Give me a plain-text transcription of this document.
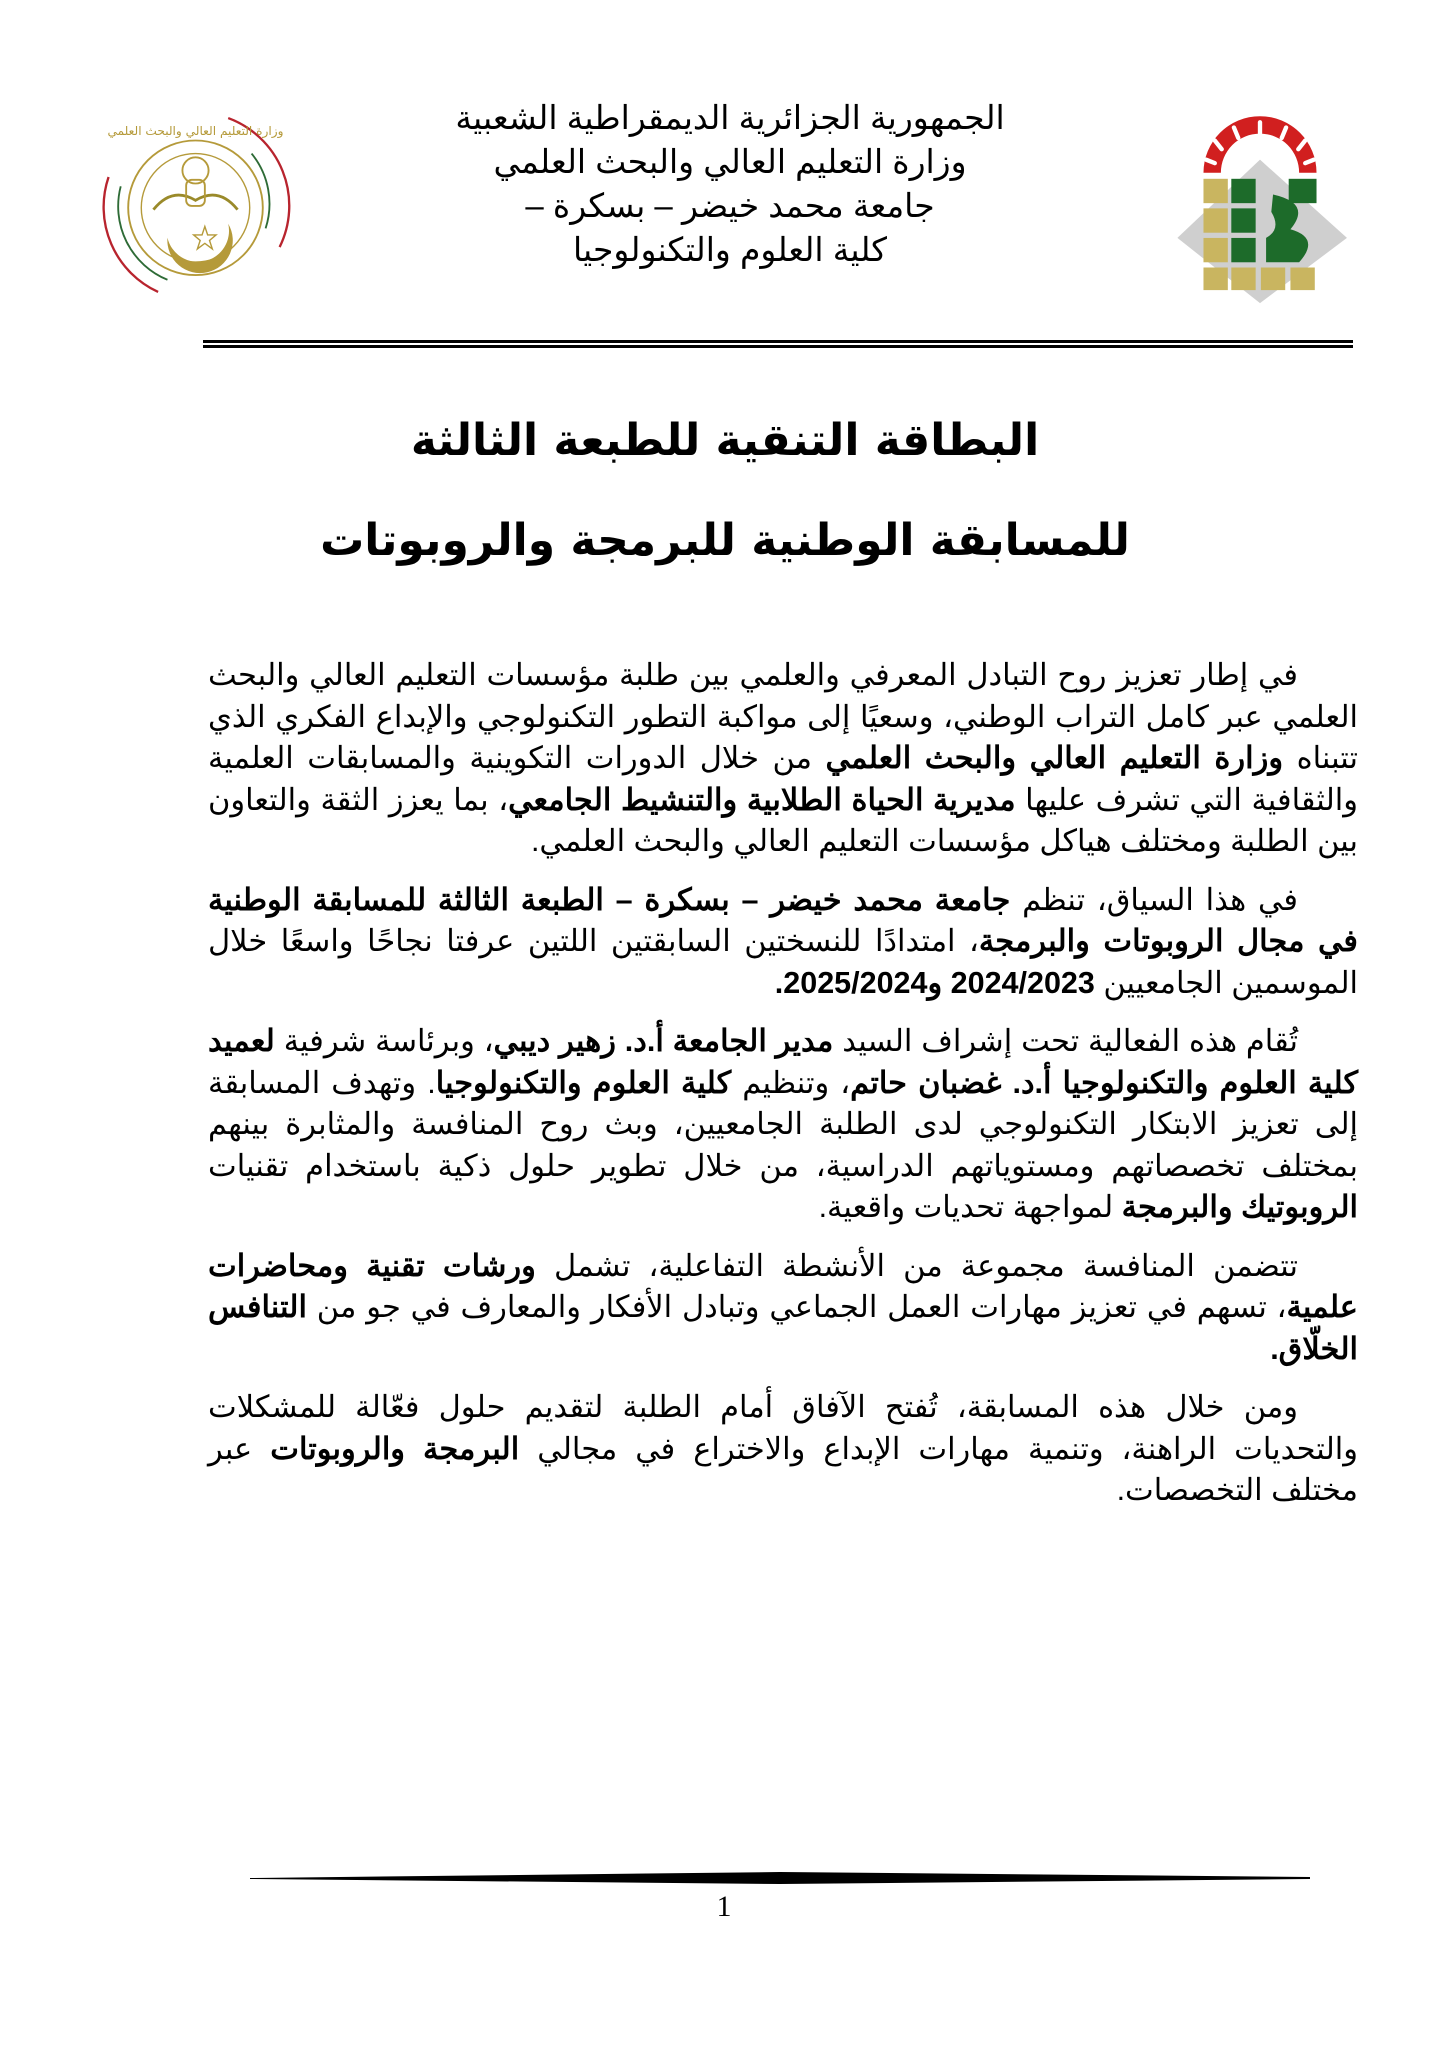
وزارة التعليم العالي والبحث العلمي	الجمهورية الجزائرية الديمقراطية الشعبية
وزارة التعليم العالي والبحث العلمي
جامعة محمد خيضر – بسكرة –
كلية العلوم والتكنولوجيا
البطاقة التنقية للطبعة الثالثة
للمسابقة الوطنية للبرمجة والروبوتات

في إطار تعزيز روح التبادل المعرفي والعلمي بين طلبة مؤسسات التعليم العالي والبحث العلمي عبر كامل التراب الوطني، وسعيًا إلى مواكبة التطور التكنولوجي والإبداع الفكري الذي تتبناه وزارة التعليم العالي والبحث العلمي من خلال الدورات التكوينية والمسابقات العلمية والثقافية التي تشرف عليها مديرية الحياة الطلابية والتنشيط الجامعي، بما يعزز الثقة والتعاون بين الطلبة ومختلف هياكل مؤسسات التعليم العالي والبحث العلمي.

في هذا السياق، تنظم جامعة محمد خيضر – بسكرة – الطبعة الثالثة للمسابقة الوطنية في مجال الروبوتات والبرمجة، امتدادًا للنسختين السابقتين اللتين عرفتا نجاحًا واسعًا خلال الموسمين الجامعيين 2024/2023 و2025/2024.

تُقام هذه الفعالية تحت إشراف السيد مدير الجامعة أ.د. زهير ديبي، وبرئاسة شرفية لعميد كلية العلوم والتكنولوجيا أ.د. غضبان حاتم، وتنظيم كلية العلوم والتكنولوجيا. وتهدف المسابقة إلى تعزيز الابتكار التكنولوجي لدى الطلبة الجامعيين، وبث روح المنافسة والمثابرة بينهم بمختلف تخصصاتهم ومستوياتهم الدراسية، من خلال تطوير حلول ذكية باستخدام تقنيات الروبوتيك والبرمجة لمواجهة تحديات واقعية.

تتضمن المنافسة مجموعة من الأنشطة التفاعلية، تشمل ورشات تقنية ومحاضرات علمية، تسهم في تعزيز مهارات العمل الجماعي وتبادل الأفكار والمعارف في جو من التنافس الخلّاق.

ومن خلال هذه المسابقة، تُفتح الآفاق أمام الطلبة لتقديم حلول فعّالة للمشكلات والتحديات الراهنة، وتنمية مهارات الإبداع والاختراع في مجالي البرمجة والروبوتات عبر مختلف التخصصات.

1
